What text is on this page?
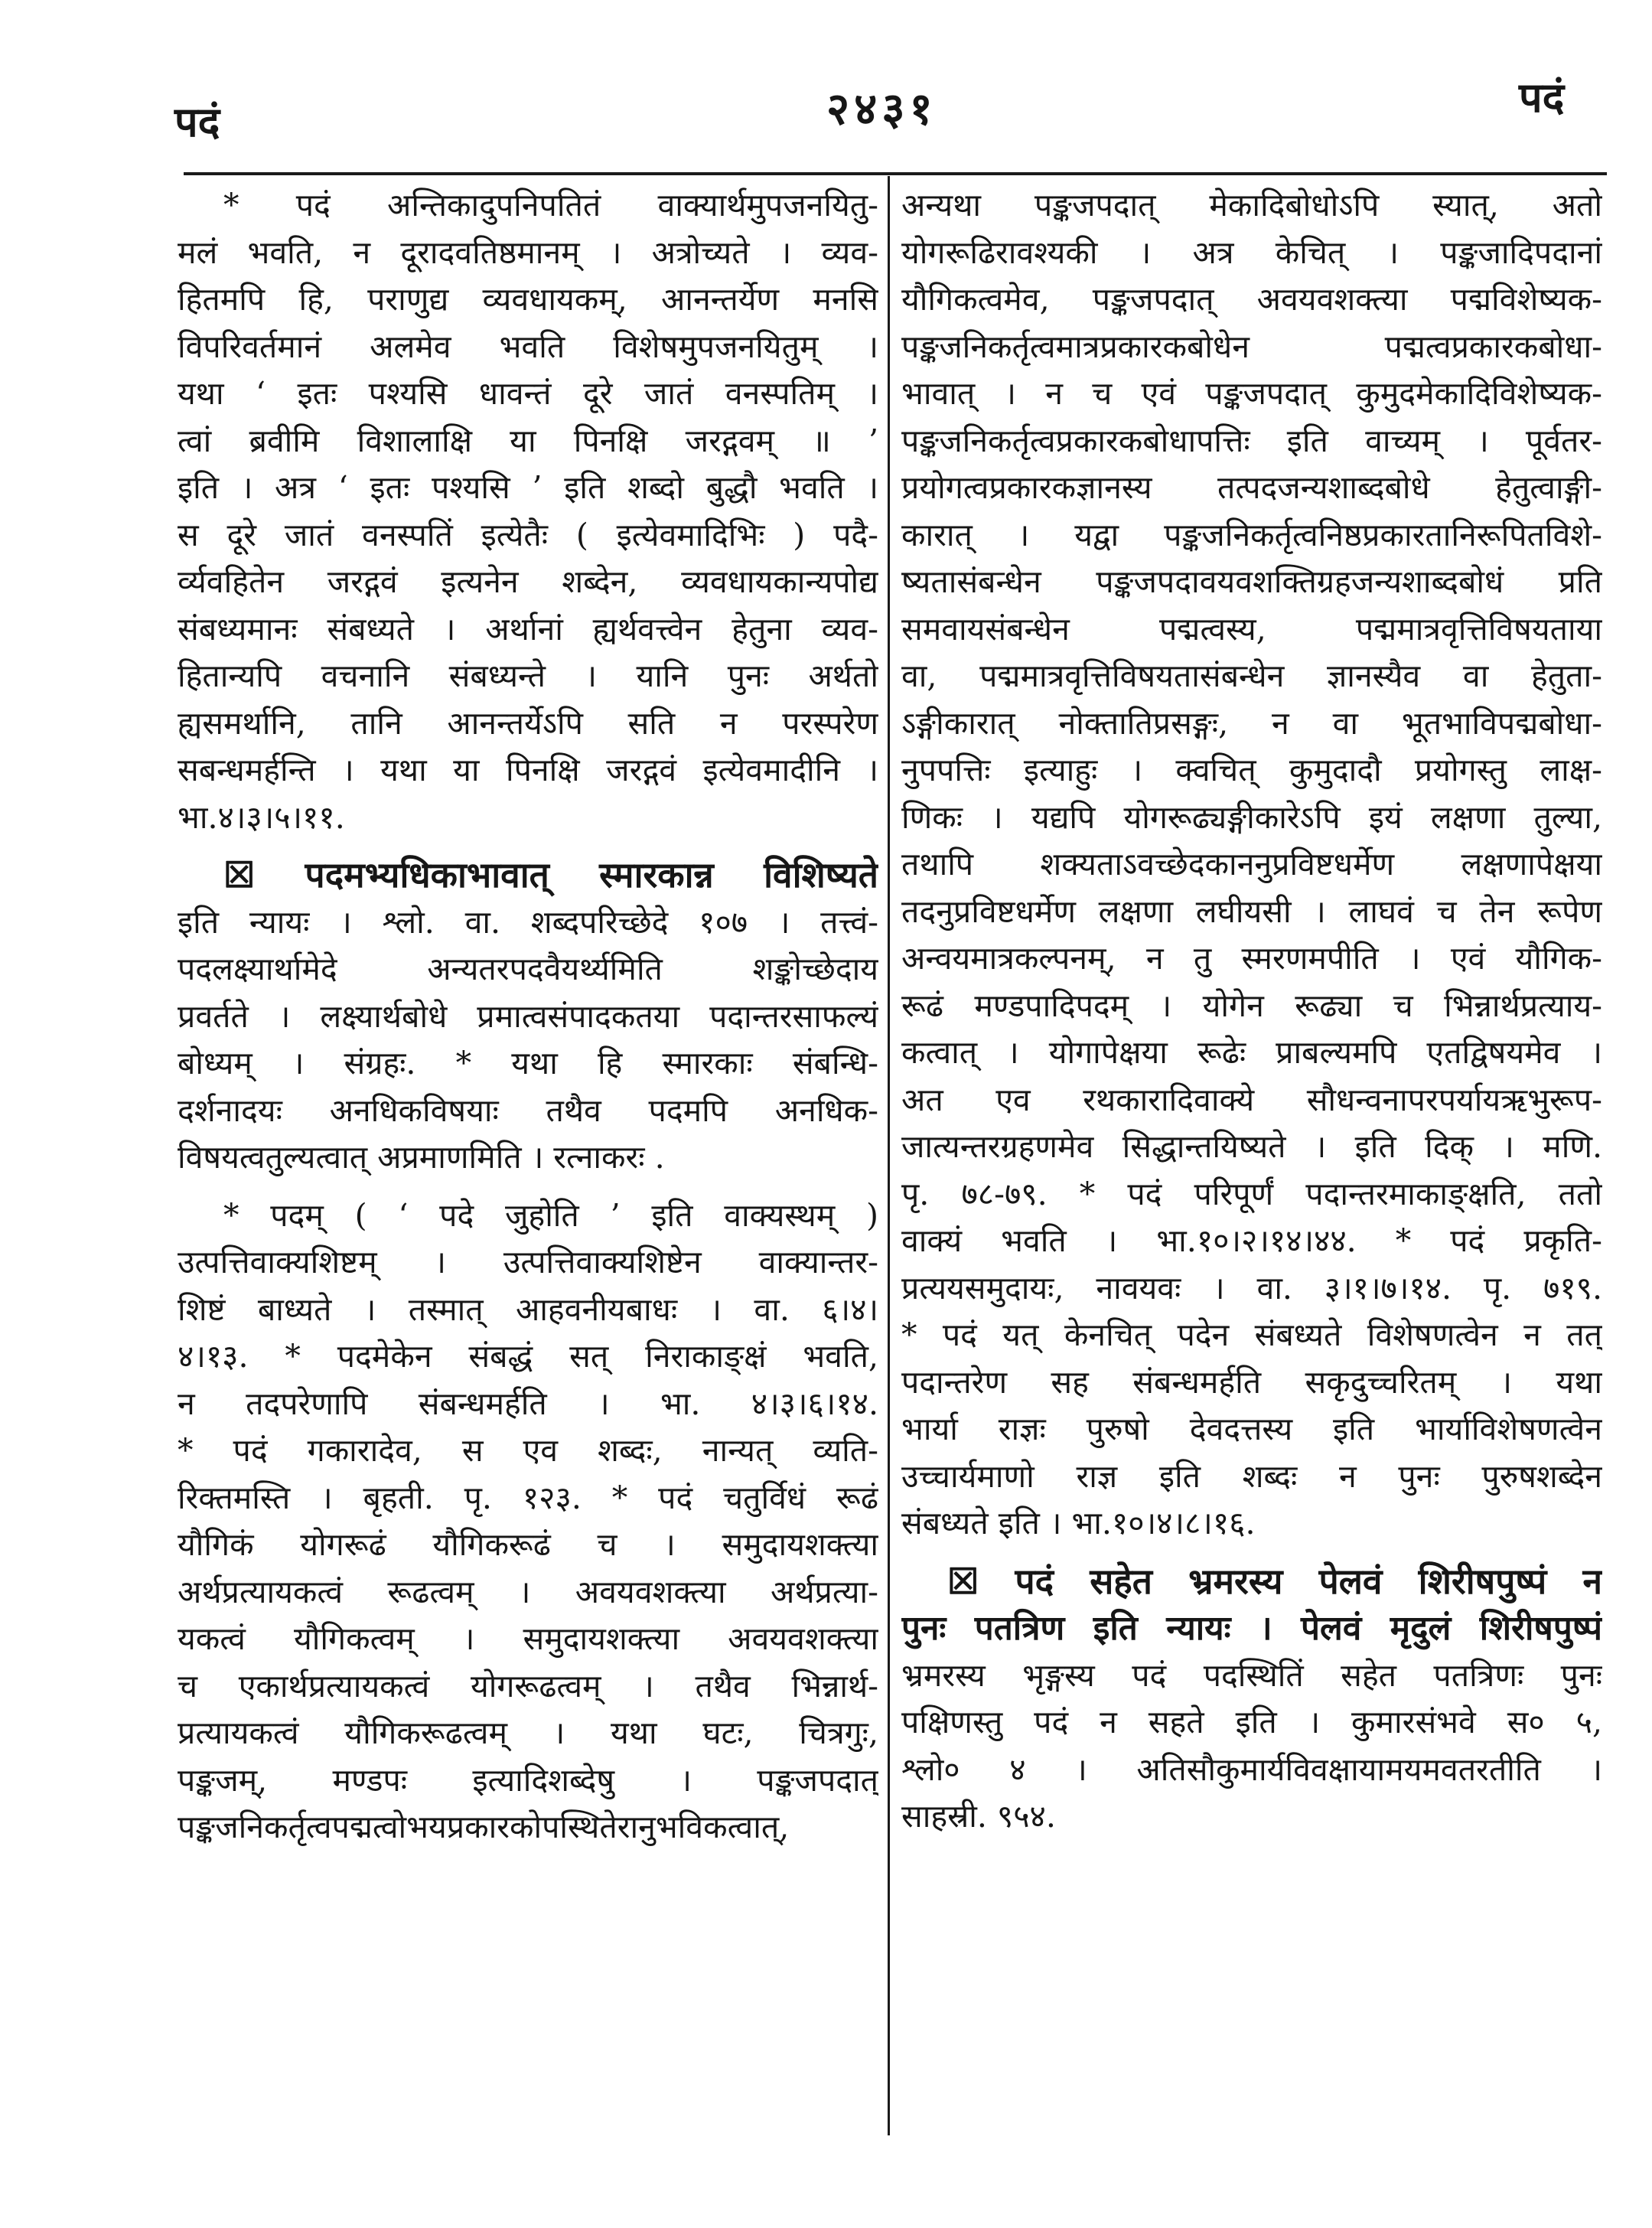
पदं	२४३१	पदं
* पदं अन्तिकादुपनिपतितं वाक्यार्थमुपजनयितु-
मलं भवति, न दूरादवतिष्ठमानम् । अत्रोच्यते । व्यव-
हितमपि हि, पराणुद्य व्यवधायकम्, आनन्तर्येण मनसि
विपरिवर्तमानं अलमेव भवति विशेषमुपजनयितुम् ।
यथा ‘ इतः पश्यसि धावन्तं दूरे जातं वनस्पतिम् ।
त्वां ब्रवीमि विशालाक्षि या पिनक्षि जरद्गवम् ॥ ’
इति । अत्र ‘ इतः पश्यसि ’ इति शब्दो बुद्धौ भवति ।
स दूरे जातं वनस्पतिं इत्येतैः ( इत्येवमादिभिः ) पदै-
र्व्यवहितेन जरद्गवं इत्यनेन शब्देन, व्यवधायकान्यपोद्य
संबध्यमानः संबध्यते । अर्थानां ह्यर्थवत्त्वेन हेतुना व्यव-
हितान्यपि वचनानि संबध्यन्ते । यानि पुनः अर्थतो
ह्यसमर्थानि, तानि आनन्तर्येऽपि सति न परस्परेण
सबन्धमर्हन्ति । यथा या पिनक्षि जरद्गवं इत्येवमादीनि ।
भा.४।३।५।११.
☒ पदमभ्यधिकाभावात् स्मारकान्न विशिष्यते
इति न्यायः । श्लो. वा. शब्दपरिच्छेदे १०७ । तत्त्वं-
पदलक्ष्यार्थामेदे अन्यतरपदवैयर्थ्यमिति शङ्कोच्छेदाय
प्रवर्तते । लक्ष्यार्थबोधे प्रमात्वसंपादकतया पदान्तरसाफल्यं
बोध्यम् । संग्रहः. * यथा हि स्मारकाः संबन्धि-
दर्शनादयः अनधिकविषयाः तथैव पदमपि अनधिक-
विषयत्वतुल्यत्वात् अप्रमाणमिति । रत्नाकरः .
* पदम् ( ‘ पदे जुहोति ’ इति वाक्यस्थम् )
उत्पत्तिवाक्यशिष्टम् । उत्पत्तिवाक्यशिष्टेन वाक्यान्तर-
शिष्टं बाध्यते । तस्मात् आहवनीयबाधः । वा. ६।४।
४।१३. * पदमेकेन संबद्धं सत् निराकाङ्क्षं भवति,
न तदपरेणापि संबन्धमर्हति । भा. ४।३।६।१४.
* पदं गकारादेव, स एव शब्दः, नान्यत् व्यति-
रिक्तमस्ति । बृहती. पृ. १२३. * पदं चतुर्विधं रूढं
यौगिकं योगरूढं यौगिकरूढं च । समुदायशक्त्या
अर्थप्रत्यायकत्वं रूढत्वम् । अवयवशक्त्या अर्थप्रत्या-
यकत्वं यौगिकत्वम् । समुदायशक्त्या अवयवशक्त्या
च एकार्थप्रत्यायकत्वं योगरूढत्वम् । तथैव भिन्नार्थ-
प्रत्यायकत्वं यौगिकरूढत्वम् । यथा घटः, चित्रगुः,
पङ्कजम्, मण्डपः इत्यादिशब्देषु । पङ्कजपदात्
पङ्कजनिकर्तृत्वपद्मत्वोभयप्रकारकोपस्थितेरानुभविकत्वात्,
अन्यथा पङ्कजपदात् मेकादिबोधोऽपि स्यात्, अतो
योगरूढिरावश्यकी । अत्र केचित् । पङ्कजादिपदानां
यौगिकत्वमेव, पङ्कजपदात् अवयवशक्त्या पद्मविशेष्यक-
पङ्कजनिकर्तृत्वमात्रप्रकारकबोधेन पद्मत्वप्रकारकबोधा-
भावात् । न च एवं पङ्कजपदात् कुमुदमेकादिविशेष्यक-
पङ्कजनिकर्तृत्वप्रकारकबोधापत्तिः इति वाच्यम् । पूर्वतर-
प्रयोगत्वप्रकारकज्ञानस्य तत्पदजन्यशाब्दबोधे हेतुत्वाङ्गी-
कारात् । यद्वा पङ्कजनिकर्तृत्वनिष्ठप्रकारतानिरूपितविशे-
ष्यतासंबन्धेन पङ्कजपदावयवशक्तिग्रहजन्यशाब्दबोधं प्रति
समवायसंबन्धेन पद्मत्वस्य, पद्ममात्रवृत्तिविषयताया
वा, पद्ममात्रवृत्तिविषयतासंबन्धेन ज्ञानस्यैव वा हेतुता-
ऽङ्गीकारात् नोक्तातिप्रसङ्गः, न वा भूतभाविपद्मबोधा-
नुपपत्तिः इत्याहुः । क्वचित् कुमुदादौ प्रयोगस्तु लाक्ष-
णिकः । यद्यपि योगरूढ्यङ्गीकारेऽपि इयं लक्षणा तुल्या,
तथापि शक्यताऽवच्छेदकाननुप्रविष्टधर्मेण लक्षणापेक्षया
तदनुप्रविष्टधर्मेण लक्षणा लघीयसी । लाघवं च तेन रूपेण
अन्वयमात्रकल्पनम्, न तु स्मरणमपीति । एवं यौगिक-
रूढं मण्डपादिपदम् । योगेन रूढ्या च भिन्नार्थप्रत्याय-
कत्वात् । योगापेक्षया रूढेः प्राबल्यमपि एतद्विषयमेव ।
अत एव रथकारादिवाक्ये सौधन्वनापरपर्यायऋभुरूप-
जात्यन्तरग्रहणमेव सिद्धान्तयिष्यते । इति दिक् । मणि.
पृ. ७८-७९. * पदं परिपूर्णं पदान्तरमाकाङ्क्षति, ततो
वाक्यं भवति । भा.१०।२।१४।४४. * पदं प्रकृति-
प्रत्ययसमुदायः, नावयवः । वा. ३।१।७।१४. पृ. ७१९.
* पदं यत् केनचित् पदेन संबध्यते विशेषणत्वेन न तत्
पदान्तरेण सह संबन्धमर्हति सकृदुच्चरितम् । यथा
भार्या राज्ञः पुरुषो देवदत्तस्य इति भार्याविशेषणत्वेन
उच्चार्यमाणो राज्ञ इति शब्दः न पुनः पुरुषशब्देन
संबध्यते इति । भा.१०।४।८।१६.
☒ पदं सहेत भ्रमरस्य पेलवं शिरीषपुष्पं न
पुनः पतत्रिण इति न्यायः । पेलवं मृदुलं शिरीषपुष्पं
भ्रमरस्य भृङ्गस्य पदं पदस्थितिं सहेत पतत्रिणः पुनः
पक्षिणस्तु पदं न सहते इति । कुमारसंभवे स० ५,
श्लो० ४ । अतिसौकुमार्यविवक्षायामयमवतरतीति ।
साहस्री. ९५४.
